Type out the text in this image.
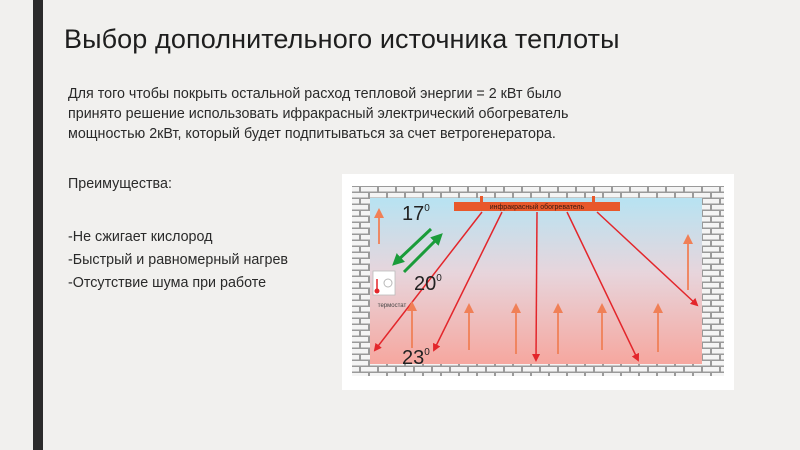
Выбор дополнительного источника теплоты

Для того чтобы покрыть остальной расход тепловой энергии = 2 кВт было

принято решение использовать ифракрасный электрический обогреватель

мощностью 2кВт, который будет подпитываться за счет ветрогенератора.

Преимущества:
-Не сжигает кислород
-Быстрый и равномерный нагрев
-Отсутствие шума при работе
инфракрасный обогреватель
термостат
$17^0$
$20^0$
$23^0$
